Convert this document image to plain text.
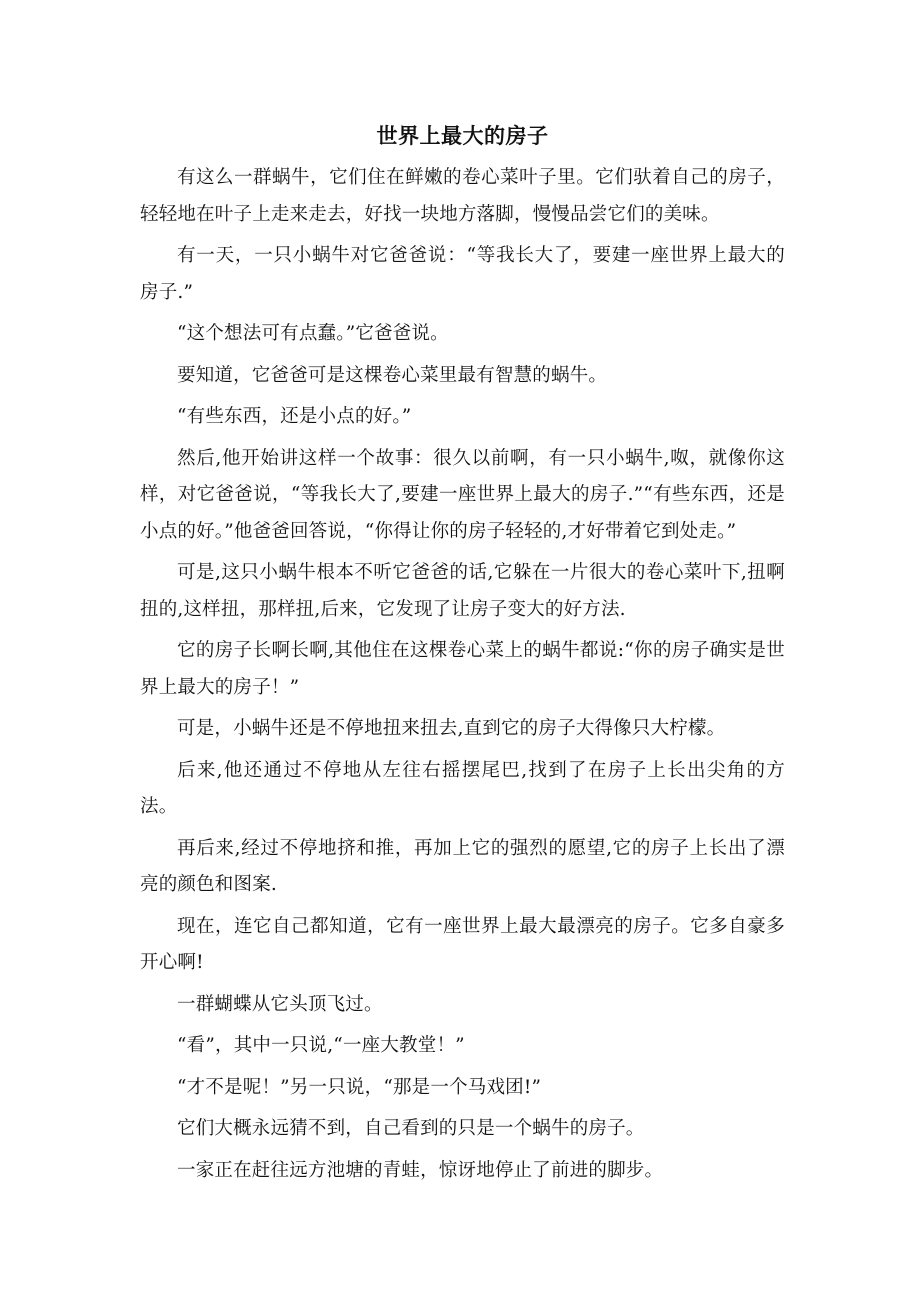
世界上最大的房子

有这么一群蜗牛，它们住在鲜嫩的卷心菜叶子里。它们驮着自己的房子，轻轻地在叶子上走来走去，好找一块地方落脚，慢慢品尝它们的美味。

有一天，一只小蜗牛对它爸爸说：“等我长大了，要建一座世界上最大的房子.”

“这个想法可有点蠢。”它爸爸说。

要知道，它爸爸可是这棵卷心菜里最有智慧的蜗牛。

“有些东西，还是小点的好。”

然后,他开始讲这样一个故事：很久以前啊，有一只小蜗牛,呶，就像你这样，对它爸爸说，“等我长大了,要建一座世界上最大的房子.”“有些东西，还是小点的好。”他爸爸回答说，“你得让你的房子轻轻的,才好带着它到处走。”

可是,这只小蜗牛根本不听它爸爸的话,它躲在一片很大的卷心菜叶下,扭啊扭的,这样扭，那样扭,后来，它发现了让房子变大的好方法.

它的房子长啊长啊,其他住在这棵卷心菜上的蜗牛都说:“你的房子确实是世界上最大的房子！”

可是，小蜗牛还是不停地扭来扭去,直到它的房子大得像只大柠檬。

后来,他还通过不停地从左往右摇摆尾巴,找到了在房子上长出尖角的方法。

再后来,经过不停地挤和推，再加上它的强烈的愿望,它的房子上长出了漂亮的颜色和图案.

现在，连它自己都知道，它有一座世界上最大最漂亮的房子。它多自豪多开心啊!

一群蝴蝶从它头顶飞过。

“看”，其中一只说,“一座大教堂！”

“才不是呢！”另一只说，“那是一个马戏团!”

它们大概永远猜不到，自己看到的只是一个蜗牛的房子。

一家正在赶往远方池塘的青蛙，惊讶地停止了前进的脚步。
